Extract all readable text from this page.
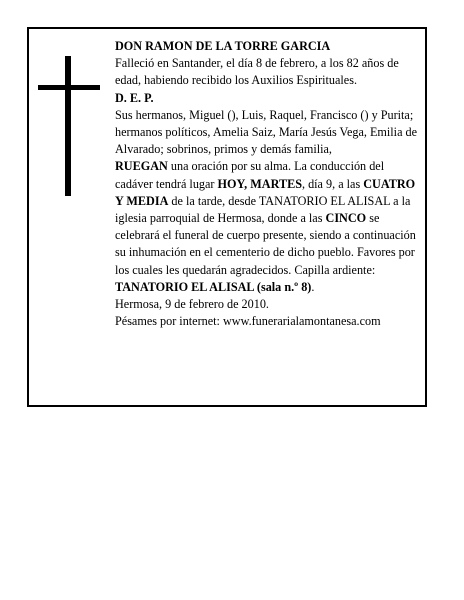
DON RAMON DE LA TORRE GARCIA

Falleció en Santander, el día 8 de febrero, a los 82 años de edad, habiendo recibido los Auxilios Espirituales.

D. E. P.

Sus hermanos, Miguel (), Luis, Raquel, Francisco () y Purita; hermanos políticos, Amelia Saiz, María Jesús Vega, Emilia de Alvarado; sobrinos, primos y demás familia,

RUEGAN una oración por su alma. La conducción del cadáver tendrá lugar HOY, MARTES, día 9, a las CUATRO Y MEDIA de la tarde, desde TANATORIO EL ALISAL a la iglesia parroquial de Hermosa, donde a las CINCO se celebrará el funeral de cuerpo presente, siendo a continuación su inhumación en el cementerio de dicho pueblo. Favores por los cuales les quedarán agradecidos. Capilla ardiente: TANATORIO EL ALISAL (sala n.º 8).

Hermosa, 9 de febrero de 2010.

Pésames por internet: www.funerarialamontanesa.com
